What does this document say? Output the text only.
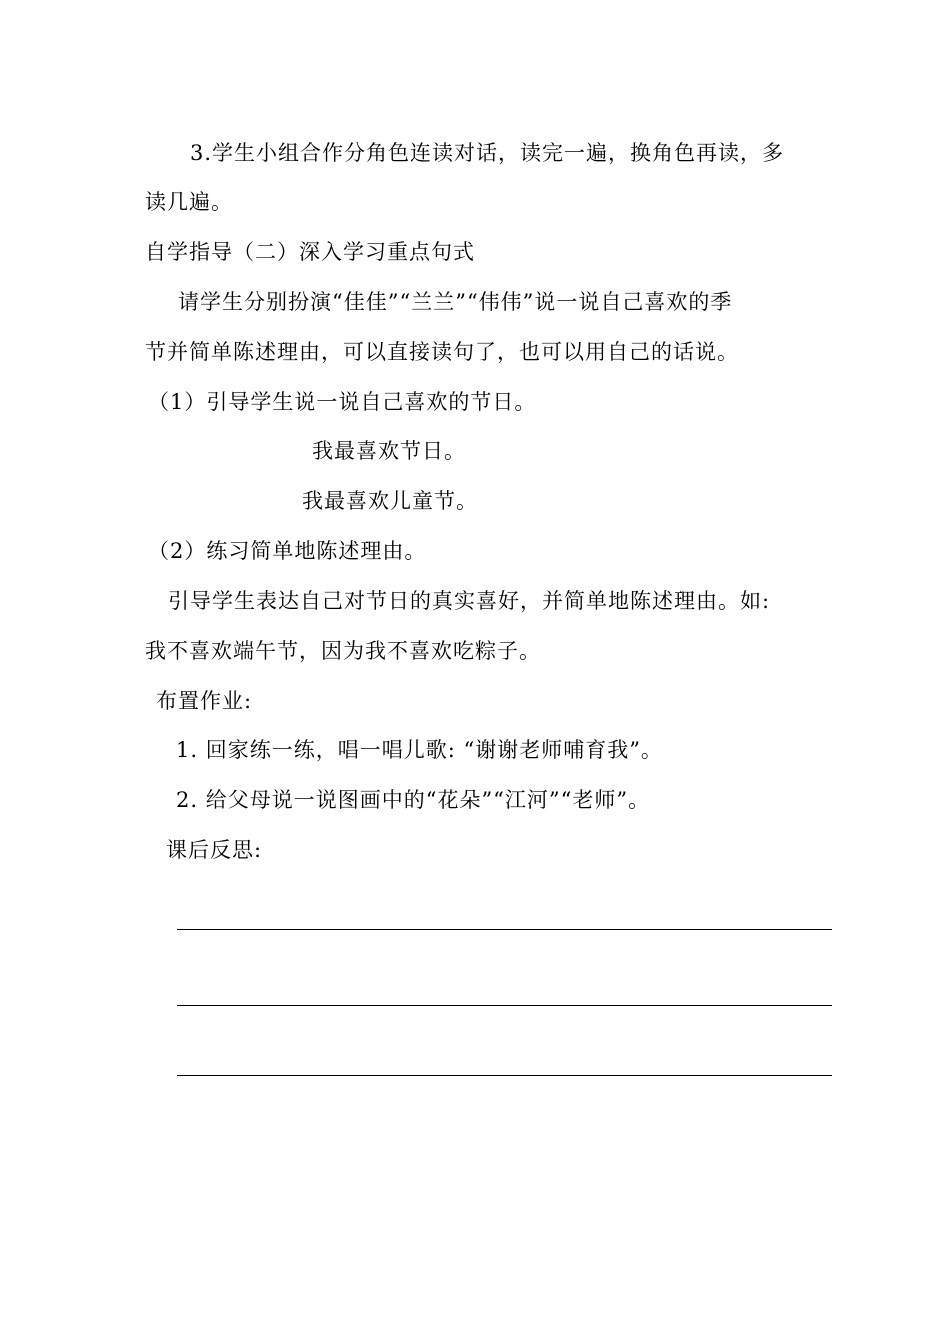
3.学生小组合作分角色连读对话，读完一遍，换角色再读，多
读几遍。
自学指导（二）深入学习重点句式
请学生分别扮演“佳佳”“兰兰”“伟伟”说一说自己喜欢的季
节并简单陈述理由，可以直接读句了，也可以用自己的话说。
（1）引导学生说一说自己喜欢的节日。
我最喜欢节日。
我最喜欢儿童节。
（2）练习简单地陈述理由。
引导学生表达自己对节日的真实喜好，并简单地陈述理由。如:
我不喜欢端午节，因为我不喜欢吃粽子。
布置作业:
1. 回家练一练，唱一唱儿歌: “谢谢老师哺育我”。
2. 给父母说一说图画中的“花朵”“江河”“老师”。
课后反思:
